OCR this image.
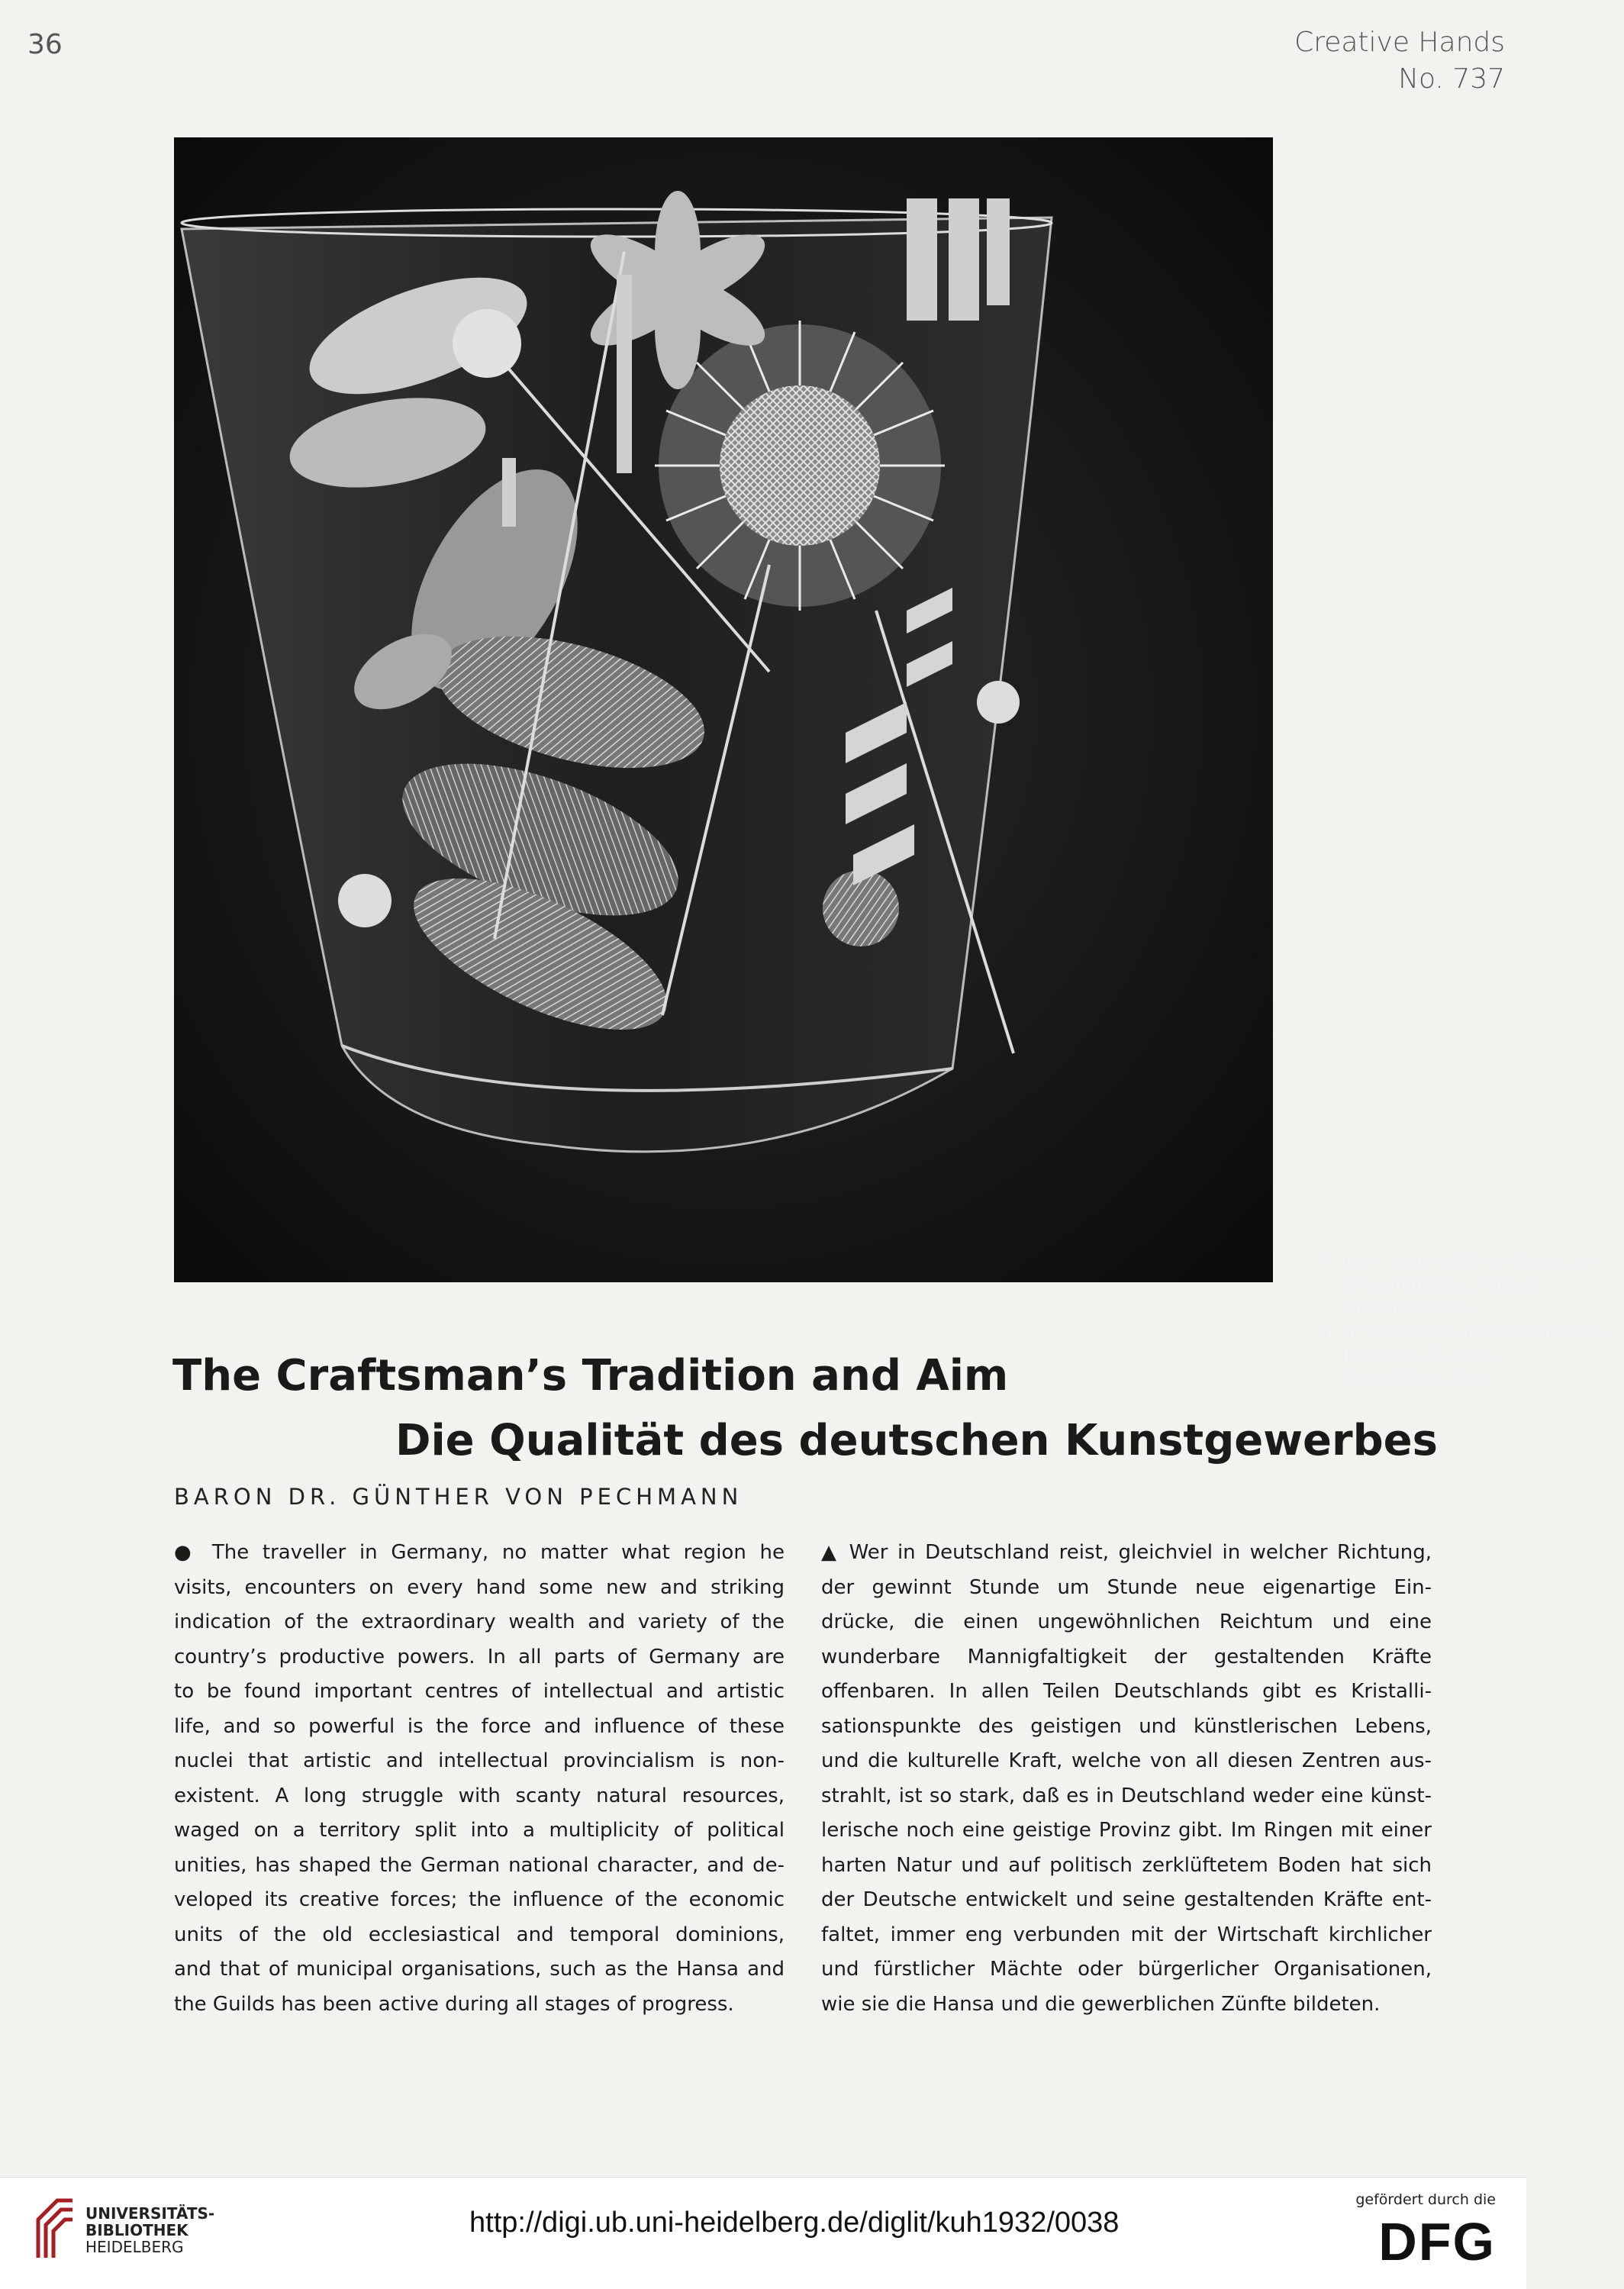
36	Creative Hands
No. 737
● The Bavarian State School for
Glass Industry, Zwiesel.
Cut-Glass Vase
▲ Staatliche Fachschule für Glas-
industrie, Zwiesel.
Geschliffene Vase
The Craftsman’s Tradition and Aim
Die Qualität des deutschen Kunstgewerbes
BARON DR. GÜNTHER VON PECHMANN
● The traveller in Germany, no matter what region he
visits, encounters on every hand some new and striking
indication of the extraordinary wealth and variety of the
country’s productive powers. In all parts of Germany are
to be found important centres of intellectual and artistic
life, and so powerful is the force and influence of these
nuclei that artistic and intellectual provincialism is non-
existent. A long struggle with scanty natural resources,
waged on a territory split into a multiplicity of political
unities, has shaped the German national character, and de-
veloped its creative forces; the influence of the economic
units of the old ecclesiastical and temporal dominions,
and that of municipal organisations, such as the Hansa and
the Guilds has been active during all stages of progress.
▲ Wer in Deutschland reist, gleichviel in welcher Richtung,
der gewinnt Stunde um Stunde neue eigenartige Ein-
drücke, die einen ungewöhnlichen Reichtum und eine
wunderbare Mannigfaltigkeit der gestaltenden Kräfte
offenbaren. In allen Teilen Deutschlands gibt es Kristalli-
sationspunkte des geistigen und künstlerischen Lebens,
und die kulturelle Kraft, welche von all diesen Zentren aus-
strahlt, ist so stark, daß es in Deutschland weder eine künst-
lerische noch eine geistige Provinz gibt. Im Ringen mit einer
harten Natur und auf politisch zerklüftetem Boden hat sich
der Deutsche entwickelt und seine gestaltenden Kräfte ent-
faltet, immer eng verbunden mit der Wirtschaft kirchlicher
und fürstlicher Mächte oder bürgerlicher Organisationen,
wie sie die Hansa und die gewerblichen Zünfte bildeten.
UNIVERSITÄTS-
BIBLIOTHEK
HEIDELBERG
http://digi.ub.uni-heidelberg.de/diglit/kuh1932/0038
gefördert durch die
DFG
